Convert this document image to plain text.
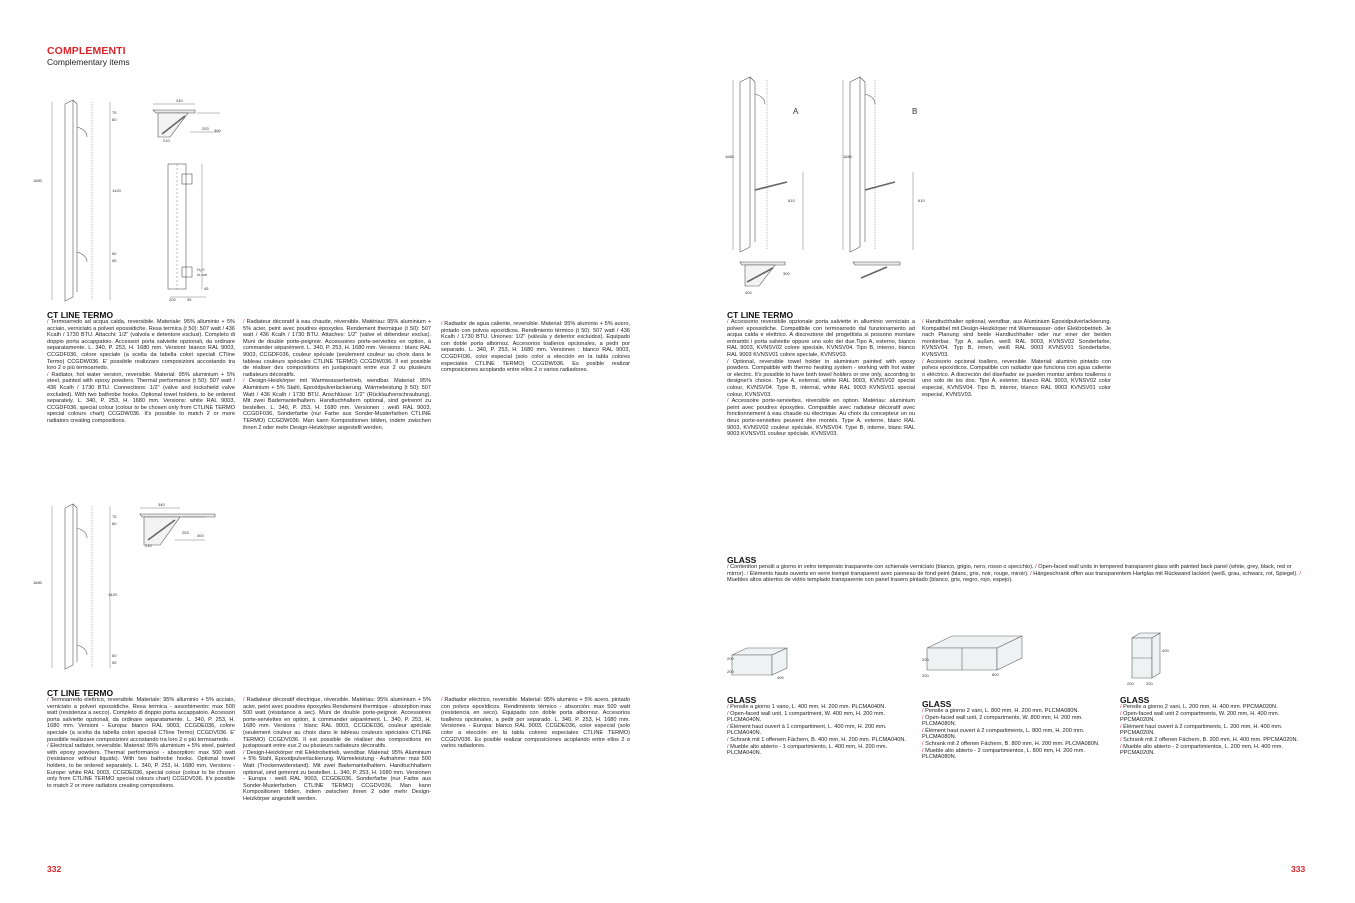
COMPLEMENTI
Complementary items
240
253 300
210
75
80
1680
1420
60
55
H₂O
in-out
45
200	35
CT LINE TERMO

/ Termoarredo ad acqua calda, reversibile. Materiale: 95% alluminio + 5% acciaio, verniciato a polveri epossidiche. Resa termica (t 50): 507 watt / 436 Kcalh / 1730 BTU. Attacchi: 1/2" (valvola e detentore esclusi). Completo di doppio porta accappatoio. Accessori porta salviette opzionali, da ordinare separatamente. L. 340, P. 253, H. 1680 mm. Versioni: bianco RAL 9003, CCGDF036, colore speciale (a scelta da tabella colori speciali CTline Termo) CCGDW036. E' possibile realizzare composizioni accostando tra loro 2 o più termoarredo.

/ Radiator, hot water version, reversible. Material: 95% aluminium + 5% steel, painted with epoxy powders. Thermal performance (t 50): 507 watt / 436 Kcalh / 1730 BTU. Connections: 1/2" (valve and lockshield valve excluded). With two bathrobe hooks. Optional towel holders, to be ordered separately. L. 340, P. 253, H. 1680 mm. Versions: white RAL 9003, CCGDF036, special colour (colour to be chosen only from CTLINE TERMO special colours chart) CCGDW036. It's possible to match 2 or more radiators creating compositions.

/ Radiateur décoratif à eau chaude, réversible. Matériau: 95% aluminium + 5% acier, peint avec poudres époxydes. Rendement thermique (t 50): 507 watt / 436 Kcalh / 1730 BTU. Attaches: 1/2" (valve et détendeur exclus). Muni de double porte-peignoir. Accessoires porte-serviettes en option, à commander séparément. L. 340, P. 253, H. 1680 mm. Versions : blanc RAL 9003, CCGDF036, couleur spéciale (seulement couleur au choix dans le tableau couleurs spéciales CTLINE TERMO) CCGDW036. Il est possible de réaliser des compositions en juxtaposant entre eux 2 ou plusieurs radiateurs décoratifs.

/ Design-Heizkörper mit Warmwasserbetrieb, wendbar. Material: 95% Aluminium + 5% Stahl, Epoxidpulverlackierung. Wärmeleistung (t 50): 507 Watt / 436 Kcalh / 1730 BTU. Anschlüsse: 1/2" (Rücklaufverschraubung). Mit zwei Bademantelhaltern. Handtuchhaltern optional, sind getrennt zu bestellen. L. 340, P. 253, H. 1680 mm. Versionen : weiß RAL 9003, CCGDF036, Sonderfarbe (nur Farbe aus Sonder-Musterfarben CTLINE TERMO) CCGDW036. Man kann Kompositionen bilden, indem zwischen ihnen 2 oder mehr Design-Heizkörper angestellt werden.

/ Radiador de agua caliente, reversible. Material: 95% aluminio + 5% acero, pintado con polvos epoxídicos. Rendimiento térmico (t 50): 507 watt / 436 Kcalh / 1730 BTU. Uniones: 1/2" (válvula y detentor excluidos). Equipado con doble porta albornoz. Accesorios toalleros opcionales, a pedir por separado. L. 340, P. 253, H. 1680 mm. Versiones : blanco RAL 9003, CCGDF036, color especial (solo color a elección en la tabla colores especiales CTLINE TERMO) CCGDW036. Es posible realizar composiciones acoplando entre ellos 2 o varios radiadores.

340
253
300
210
75
80
1680
1420
60
55
CT LINE TERMO

/ Termoarredo elettrico, reversibile. Materiale: 95% alluminio + 5% acciaio, verniciato a polveri epossidiche. Resa termica - assorbimento: max 500 watt (resistenza a secco). Completo di doppio porta accappatoio. Accessori porta salviette opzionali, da ordinare separatamente. L. 340, P. 253, H. 1680 mm. Versioni - Europa: bianco RAL 9003, CCGDE036, colore speciale (a scelta da tabella colori speciali CTline Termo) CCGDV036. E' possibile realizzare composizioni accostando tra loro 2 o più termoarredo.

/ Electrical radiator, reversible. Material: 95% aluminium + 5% steel, painted with epoxy powders. Thermal performance - absorption: max 500 watt (resistance without liquids). With two bathrobe hooks. Optional towel holders, to be ordered separately. L. 340, P. 253, H. 1680 mm. Versions - Europe: white RAL 9003, CCGDE036, special colour (colour to be chosen only from CTLINE TERMO special colours chart) CCGDV036. It's possible to match 2 or more radiators creating compositions.

/ Radiateur décoratif électrique, réversible. Matériau: 95% aluminium + 5% acier, peint avec poudres époxydes Rendement thermique - absorption max 500 watt (résistance à sec). Muni de double porte-peignoir. Accessoires porte-serviettes en option, à commander séparément. L. 340, P. 253, H. 1680 mm. Versions : blanc RAL 9003, CCGDE036, couleur spéciale (seulement couleur au choix dans le tableau couleurs spéciales CTLINE TERMO) CCGDV036. Il est possible de réaliser des compositions en juxtaposant entre eux 2 ou plusieurs radiateurs décoratifs.

/ Design-Heizkörper mit Elektrobetrieb, wendbar. Material: 95% Aluminium + 5% Stahl, Epoxidpulverlackierung. Wärmeleistung - Aufnahme: max 500 Watt (Trockenwiderstand). Mit zwei Bademantelhaltern. Handtuchhaltern optional, sind getrennt zu bestellen. L. 340, P. 253, H. 1680 mm. Versionen - Europa : weiß RAL 9003, CCGDE036, Sonderfarbe (nur Farbe aus Sonder-Musterfarben CTLINE TERMO) CCGDV036. Man kann Kompositionen bilden, indem zwischen ihnen 2 oder mehr Design-Heizkörper angestellt werden.

/ Radiador eléctrico, reversible. Material: 95% aluminio + 5% acero, pintado con polvos epoxídicos. Rendimiento térmico - absorción: max 500 watt (resistencia en seco). Equipado con doble porta albornoz. Accesorios toalleros opcionales, a pedir por separado. L. 340, P. 253, H. 1680 mm. Versiones - Europa: blanco RAL 9003, CCGDE036, color especial (solo color a elección en la tabla colores especiales CTLINE TERMO) CCGDV036. Es posible realizar composiciones acoplando entre ellos 2 o varios radiadores.

332
A	B
1680
610
1680
610
300
400
CT LINE TERMO

/ Accessorio reversibile opzionale porta salviette in alluminio verniciato a polveri epossidiche. Compatibile con termoarredo dal funzionamento ad acqua calda e elettrico. A discrezione del progettista si possono montare entrambi i porta salviette oppure uno solo dei due.Tipo A, esterno, bianco RAL 9003, KVNSV02 colore speciale, KVNSV04. Tipo B, interno, bianco RAL 9003 KVNSV01 colore speciale, KVNSV03.

/ Optional, reversible towel holder in aluminium painted with epoxy powders. Compatible with thermo heating system - working with hot water or electric. It's possible to have both towel holders or one only, according to designer's choice. Type A, external, white RAL 9003, KVNSV02 special colour, KVNSV04. Type B, internal, white RAL 9003 KVNSV01 special colour, KVNSV03.

/ Accessoire porte-serviettes, réversible en option. Matériau: aluminium peint avec poudres époxydes. Compatible avec radiateur décoratif avec fonctionnement à eau chaude ou électrique. Au choix du concepteur un ou deux porte-serviettes peuvent être montés. Type A, externe, blanc RAL 9003, KVNSV02 couleur spéciale, KVNSV04. Type B, interne, blanc RAL 9003 KVNSV01 couleur spéciale, KVNSV03.

/ Handtuchhalter optional, wendbar, aus Aluminium Epoxidpulverlackierung. Kompatibel mit Design-Heizkörper mit Warmwasser- oder Elektrobetrieb. Je nach Planung sind beide Handtuchhalter oder nur einer der beiden montierbar. Typ A, außen, weiß RAL 9003, KVNSV02 Sonderfarbe, KVNSV04. Typ B, innen, weiß RAL 9003 KVNSV01 Sonderfarbe, KVNSV03.

/ Accesorio opcional toallero, reversible. Material: aluminio pintado con polvos epoxídicos. Compatible con radiador que funciona con agua caliente o eléctrico. A discreción del diseñador se pueden montar ambos toalleros o uno solo de los dos. Tipo A, exterior, blanco RAL 9003, KVNSV02 color especial, KVNSV04. Tipo B, interior, blanco RAL 9003 KVNSV01 color especial, KVNSV03.

GLASS
/ Contenitori pensili a giorno in vetro temperato trasparente con schienale verniciato (bianco, grigio, nero, rosso o specchio). / Open-faced wall units in tempered transparent glass with painted back panel (white, grey, black, red or mirror). / Éléments hauts ouverts en verre trempé transparent avec panneau de fond peint (blanc, gris, noir, rouge, miroir). / Hängeschrank offen aus transparentem Hartglas mit Rückwand lackiert (weiß, grau, schwarz, rot, Spiegel). / Muebles altos abiertos de vidrio templado transparente con panel trasero pintado (blanco, gris, negro, rojo, espejo).
200
200
400
200
200	800
400
200	200
GLASS

/ Pensile a giorno 1 vano, L. 400 mm, H. 200 mm. PLCMA040N.

/ Open-faced wall unit, 1 compartment, W. 400 mm, H. 200 mm. PLCMA040N.

/ Élément haut ouvert à 1 compartiment, L. 400 mm, H. 200 mm. PLCMA040N.

/ Schrank mit 1 offenem Fächern, B. 400 mm, H. 200 mm. PLCMA040N.

/ Mueble alto abierto - 1 compartimiento, L. 400 mm, H. 200 mm. PLCMA040N.

GLASS

/ Pensile a giorno 2 vani, L. 800 mm, H. 200 mm. PLCMA080N.

/ Open-faced wall unit, 2 compartments, W. 800 mm, H. 200 mm. PLCMA080N.

/ Élément haut ouvert à 2 compartiments, L. 800 mm, H. 200 mm. PLCMA080N.

/ Schrank mit 2 offenen Fächern, B. 800 mm, H. 200 mm. PLCMA080N.

/ Mueble alto abierto - 2 compartimientos, L. 800 mm, H. 200 mm. PLCMA080N.

GLASS

/ Pensile a giorno 2 vani, L. 200 mm, H. 400 mm. PPCMA020N.

/ Open-faced wall unit 2 compartments, W. 200 mm, H. 400 mm. PPCMA020N.

/ Élément haut ouvert à 2 compartiments, L. 200 mm, H. 400 mm. PPCMA020N.

/ Schrank mit 2 offenen Fächern, B. 200 mm, H. 400 mm. PPCMA020N.

/ Mueble alto abierto - 2 compartimientos, L. 200 mm, H. 400 mm. PPCMA020N.

333
